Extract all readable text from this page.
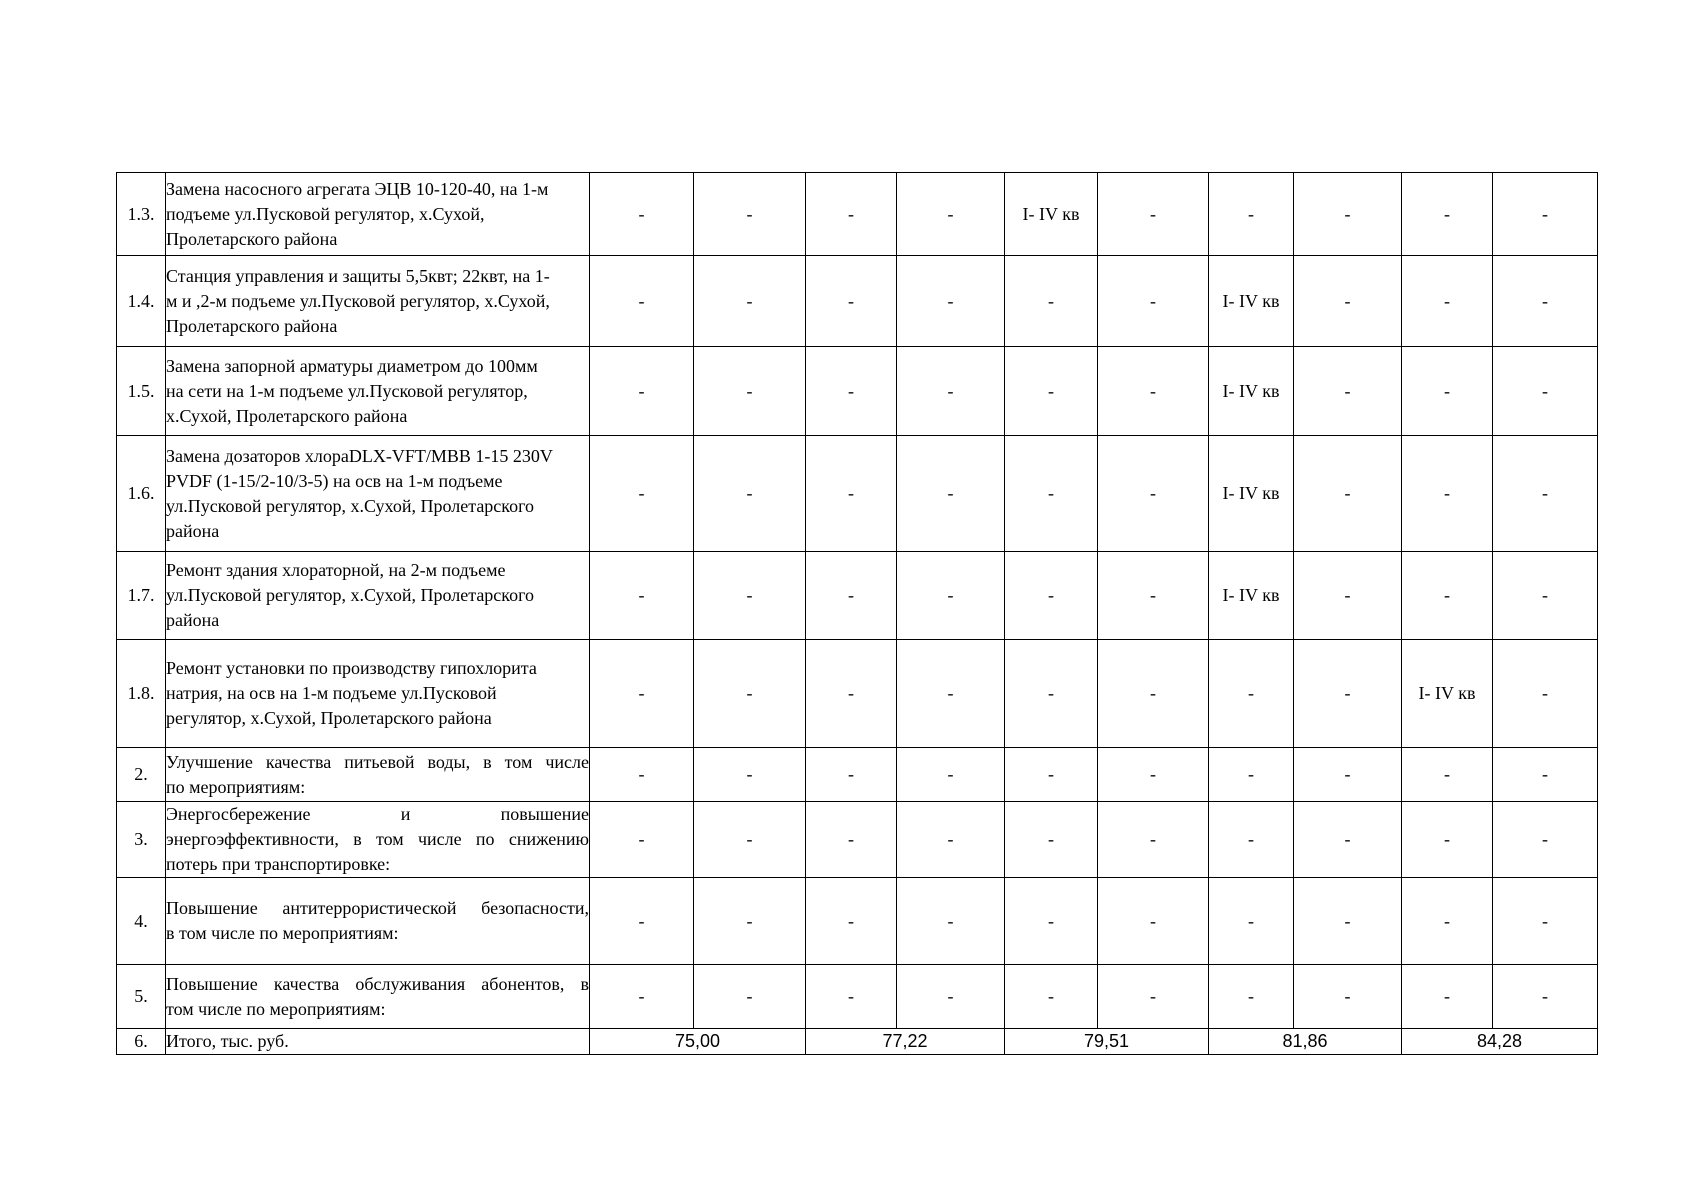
1.3.	Замена насосного агрегата ЭЦВ 10-120-40, на 1-м
подъеме ул.Пусковой регулятор, х.Сухой,
Пролетарского района	-	-	-	-	I- IV кв	-	-	-	-	-
1.4.	Станция управления и защиты 5,5квт; 22квт, на 1-
м и ,2-м подъеме ул.Пусковой регулятор, х.Сухой,
Пролетарского района	-	-	-	-	-	-	I- IV кв	-	-	-
1.5.	Замена запорной арматуры диаметром до 100мм
на сети на 1-м подъеме ул.Пусковой регулятор,
х.Сухой, Пролетарского района	-	-	-	-	-	-	I- IV кв	-	-	-
1.6.	Замена дозаторов хлораDLX-VFT/MBB 1-15 230V
PVDF (1-15/2-10/3-5) на осв на 1-м подъеме
ул.Пусковой регулятор, х.Сухой, Пролетарского
района	-	-	-	-	-	-	I- IV кв	-	-	-
1.7.	Ремонт здания хлораторной, на 2-м подъеме
ул.Пусковой регулятор, х.Сухой, Пролетарского
района	-	-	-	-	-	-	I- IV кв	-	-	-
1.8.	Ремонт установки по производству гипохлорита
натрия, на осв на 1-м подъеме ул.Пусковой
регулятор, х.Сухой, Пролетарского района	-	-	-	-	-	-	-	-	I- IV кв	-
2.	Улучшение качества питьевой воды, в том числе
по мероприятиям:	-	-	-	-	-	-	-	-	-	-
3.	Энергосбережение и повышение
энергоэффективности, в том числе по снижению
потерь при транспортировке:	-	-	-	-	-	-	-	-	-	-
4.	Повышение антитеррористической безопасности,
в том числе по мероприятиям:	-	-	-	-	-	-	-	-	-	-
5.	Повышение качества обслуживания абонентов, в
том числе по мероприятиям:	-	-	-	-	-	-	-	-	-	-
6.	Итого, тыс. руб.	75,00		77,22		79,51		81,86		84,28	
